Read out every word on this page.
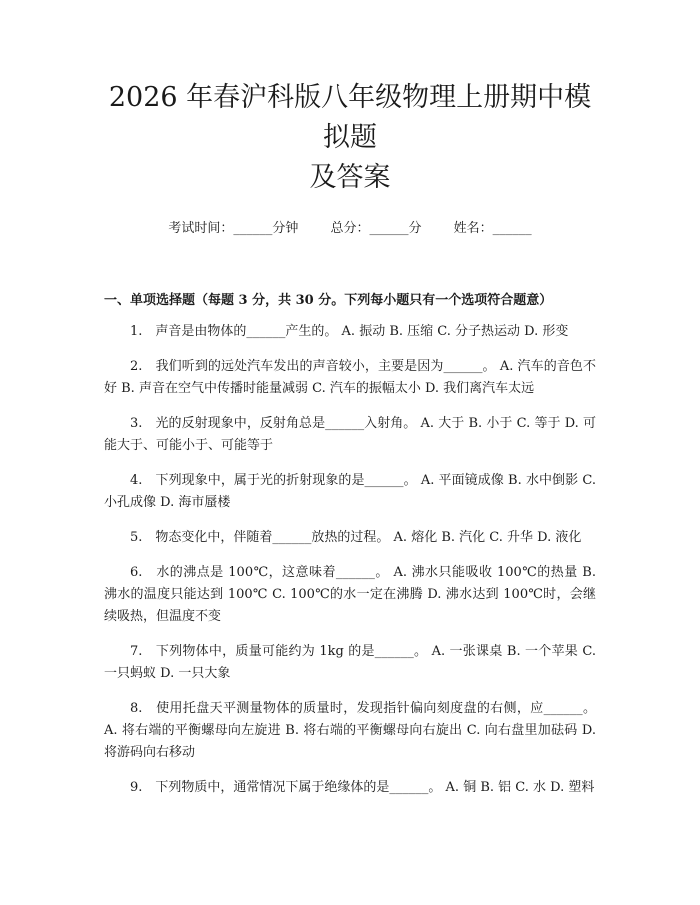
2026 年春沪科版八年级物理上册期中模拟题
及答案
考试时间：______分钟 总分：______分 姓名：______
一、单项选择题（每题 3 分，共 30 分。下列每小题只有一个选项符合题意）

1.　声音是由物体的______产生的。 A. 振动 B. 压缩 C. 分子热运动 D. 形变

2.　我们听到的远处汽车发出的声音较小，主要是因为______。 A. 汽车的音色不好 B. 声音在空气中传播时能量减弱 C. 汽车的振幅太小 D. 我们离汽车太远

3.　光的反射现象中，反射角总是______入射角。 A. 大于 B. 小于 C. 等于 D. 可能大于、可能小于、可能等于

4.　下列现象中，属于光的折射现象的是______。 A. 平面镜成像 B. 水中倒影 C. 小孔成像 D. 海市蜃楼

5.　物态变化中，伴随着______放热的过程。 A. 熔化 B. 汽化 C. 升华 D. 液化

6.　水的沸点是 100℃，这意味着______。 A. 沸水只能吸收 100℃的热量 B. 沸水的温度只能达到 100℃ C. 100℃的水一定在沸腾 D. 沸水达到 100℃时，会继续吸热，但温度不变

7.　下列物体中，质量可能约为 1kg 的是______。 A. 一张课桌 B. 一个苹果 C. 一只蚂蚁 D. 一只大象

8.　使用托盘天平测量物体的质量时，发现指针偏向刻度盘的右侧，应______。 A. 将右端的平衡螺母向左旋进 B. 将右端的平衡螺母向右旋出 C. 向右盘里加砝码 D. 将游码向右移动

9.　下列物质中，通常情况下属于绝缘体的是______。 A. 铜 B. 铝 C. 水 D. 塑料
